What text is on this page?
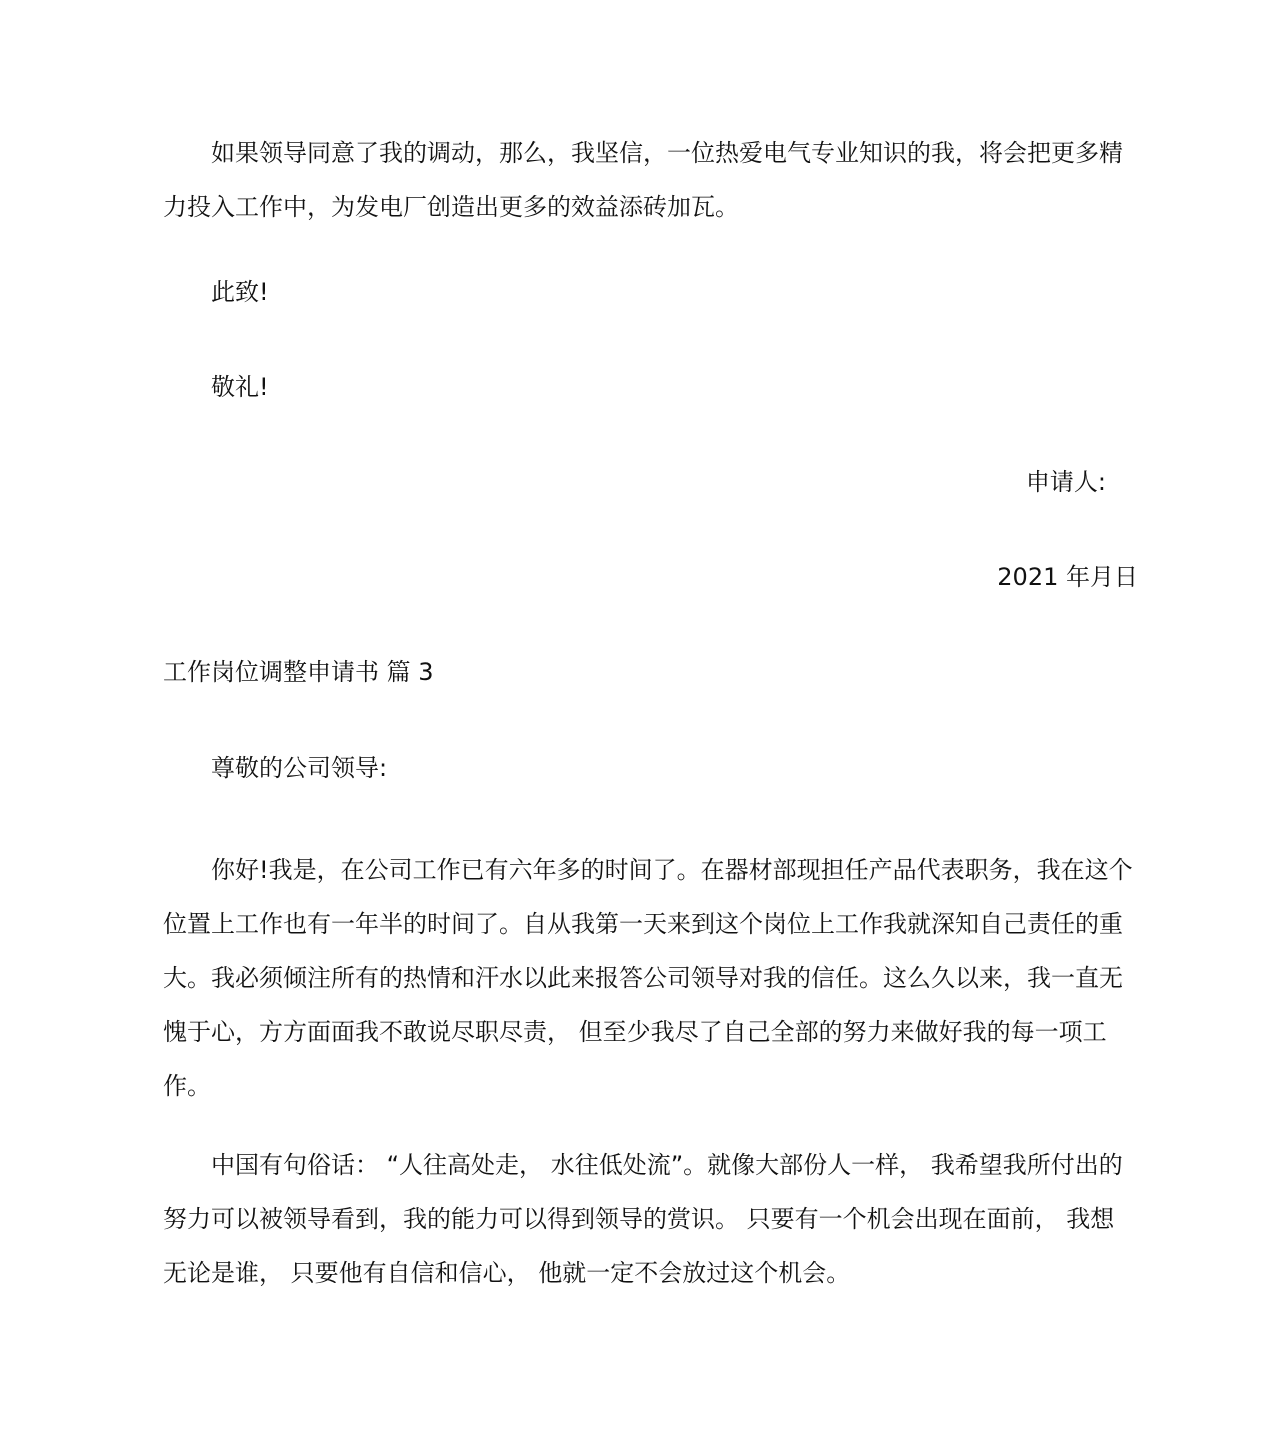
如果领导同意了我的调动，那么，我坚信，一位热爱电气专业知识的我，将会把更多精力投入工作中，为发电厂创造出更多的效益添砖加瓦。

此致!

敬礼!

申请人:

2021 年月日

工作岗位调整申请书 篇 3

尊敬的公司领导:

你好!我是，在公司工作已有六年多的时间了。在器材部现担任产品代表职务，我在这个位置上工作也有一年半的时间了。自从我第一天来到这个岗位上工作我就深知自己责任的重大。我必须倾注所有的热情和汗水以此来报答公司领导对我的信任。这么久以来，我一直无愧于心，方方面面我不敢说尽职尽责， 但至少我尽了自己全部的努力来做好我的每一项工作。

中国有句俗话： “人往高处走， 水往低处流”。就像大部份人一样， 我希望我所付出的努力可以被领导看到，我的能力可以得到领导的赏识。 只要有一个机会出现在面前， 我想无论是谁， 只要他有自信和信心， 他就一定不会放过这个机会。
